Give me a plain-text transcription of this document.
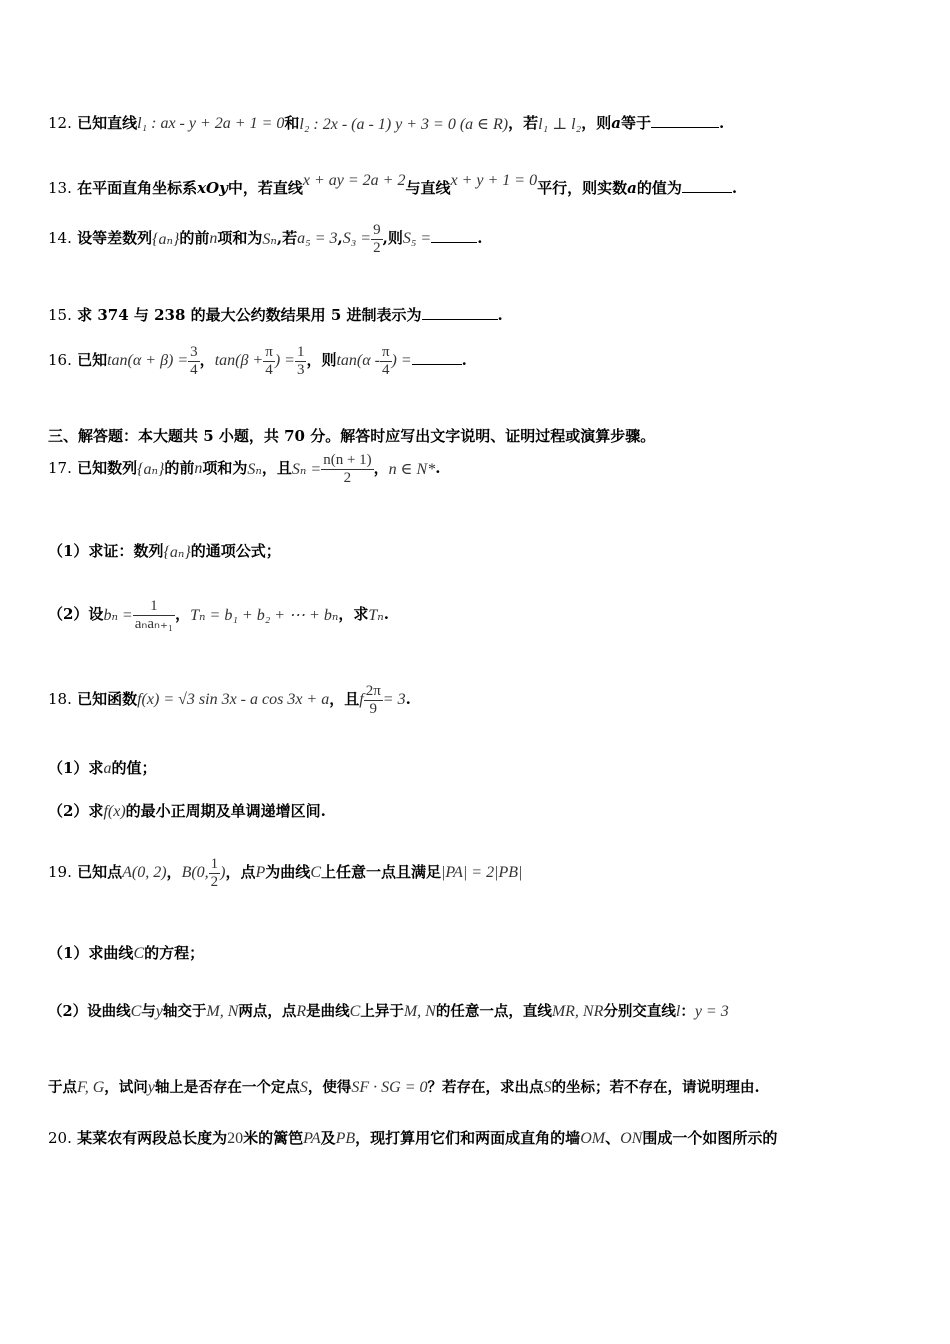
12. 已知直线l₁ : ax - y + 2a + 1 = 0和l₂ : 2x - (a - 1) y + 3 = 0 (a ∈ R)，若l₁ ⊥ l₂，则a等于	.
13. 在平面直角坐标系xOy中，若直线x + ay = 2a + 2与直线x + y + 1 = 0平行，则实数a的值为	.
14. 设等差数列{aₙ}的前n项和为Sₙ,若$a_5 = 3,S_3 = \frac{9}{2}$ ,则S₅ =	.
15. 求 374 与 238 的最大公约数结果用 5 进制表示为	.
16. 已知$\tan(\alpha + \beta) = \frac{3}{4}$ ，$\tan(\beta + \frac{\pi}{4}$ ) = $\frac{1}{3}$ ，则$\tan(\alpha - \frac{\pi}{4}$ ) =	.
三、解答题：本大题共 5 小题，共 70 分。解答时应写出文字说明、证明过程或演算步骤。
17. 已知数列{aₙ}的前n项和为Sₙ，且$S_n = \frac{n(n + 1)}{2}$ ，n ∈ N*.
（1）求证：数列{aₙ}的通项公式；
（2）设$b_n = \frac{1}{\text{aₙaₙ₊₁}}$ ，Tₙ = b₁ + b₂ + ⋯ + bₙ，求Tₙ.
18. 已知函数f(x) = √3 sin 3x - a cos 3x + a，且f $\frac{2\pi}{9} = 3$.
（1）求a的值；
（2）求f(x)的最小正周期及单调递增区间.
19. 已知点A(0, 2)，B(0, $\frac{1}{2}$ )，点P为曲线C上任意一点且满足|PA| = 2|PB|
（1）求曲线C的方程；
（2）设曲线C与y轴交于M, N两点，点R是曲线C上异于M, N的任意一点，直线MR, NR分别交直线l：y = 3
于点F, G，试问y轴上是否存在一个定点S，使得SF · SG = 0？若存在，求出点S的坐标；若不存在，请说明理由.
20. 某菜农有两段总长度为20米的篱笆PA及PB，现打算用它们和两面成直角的墙OM、ON围成一个如图所示的
